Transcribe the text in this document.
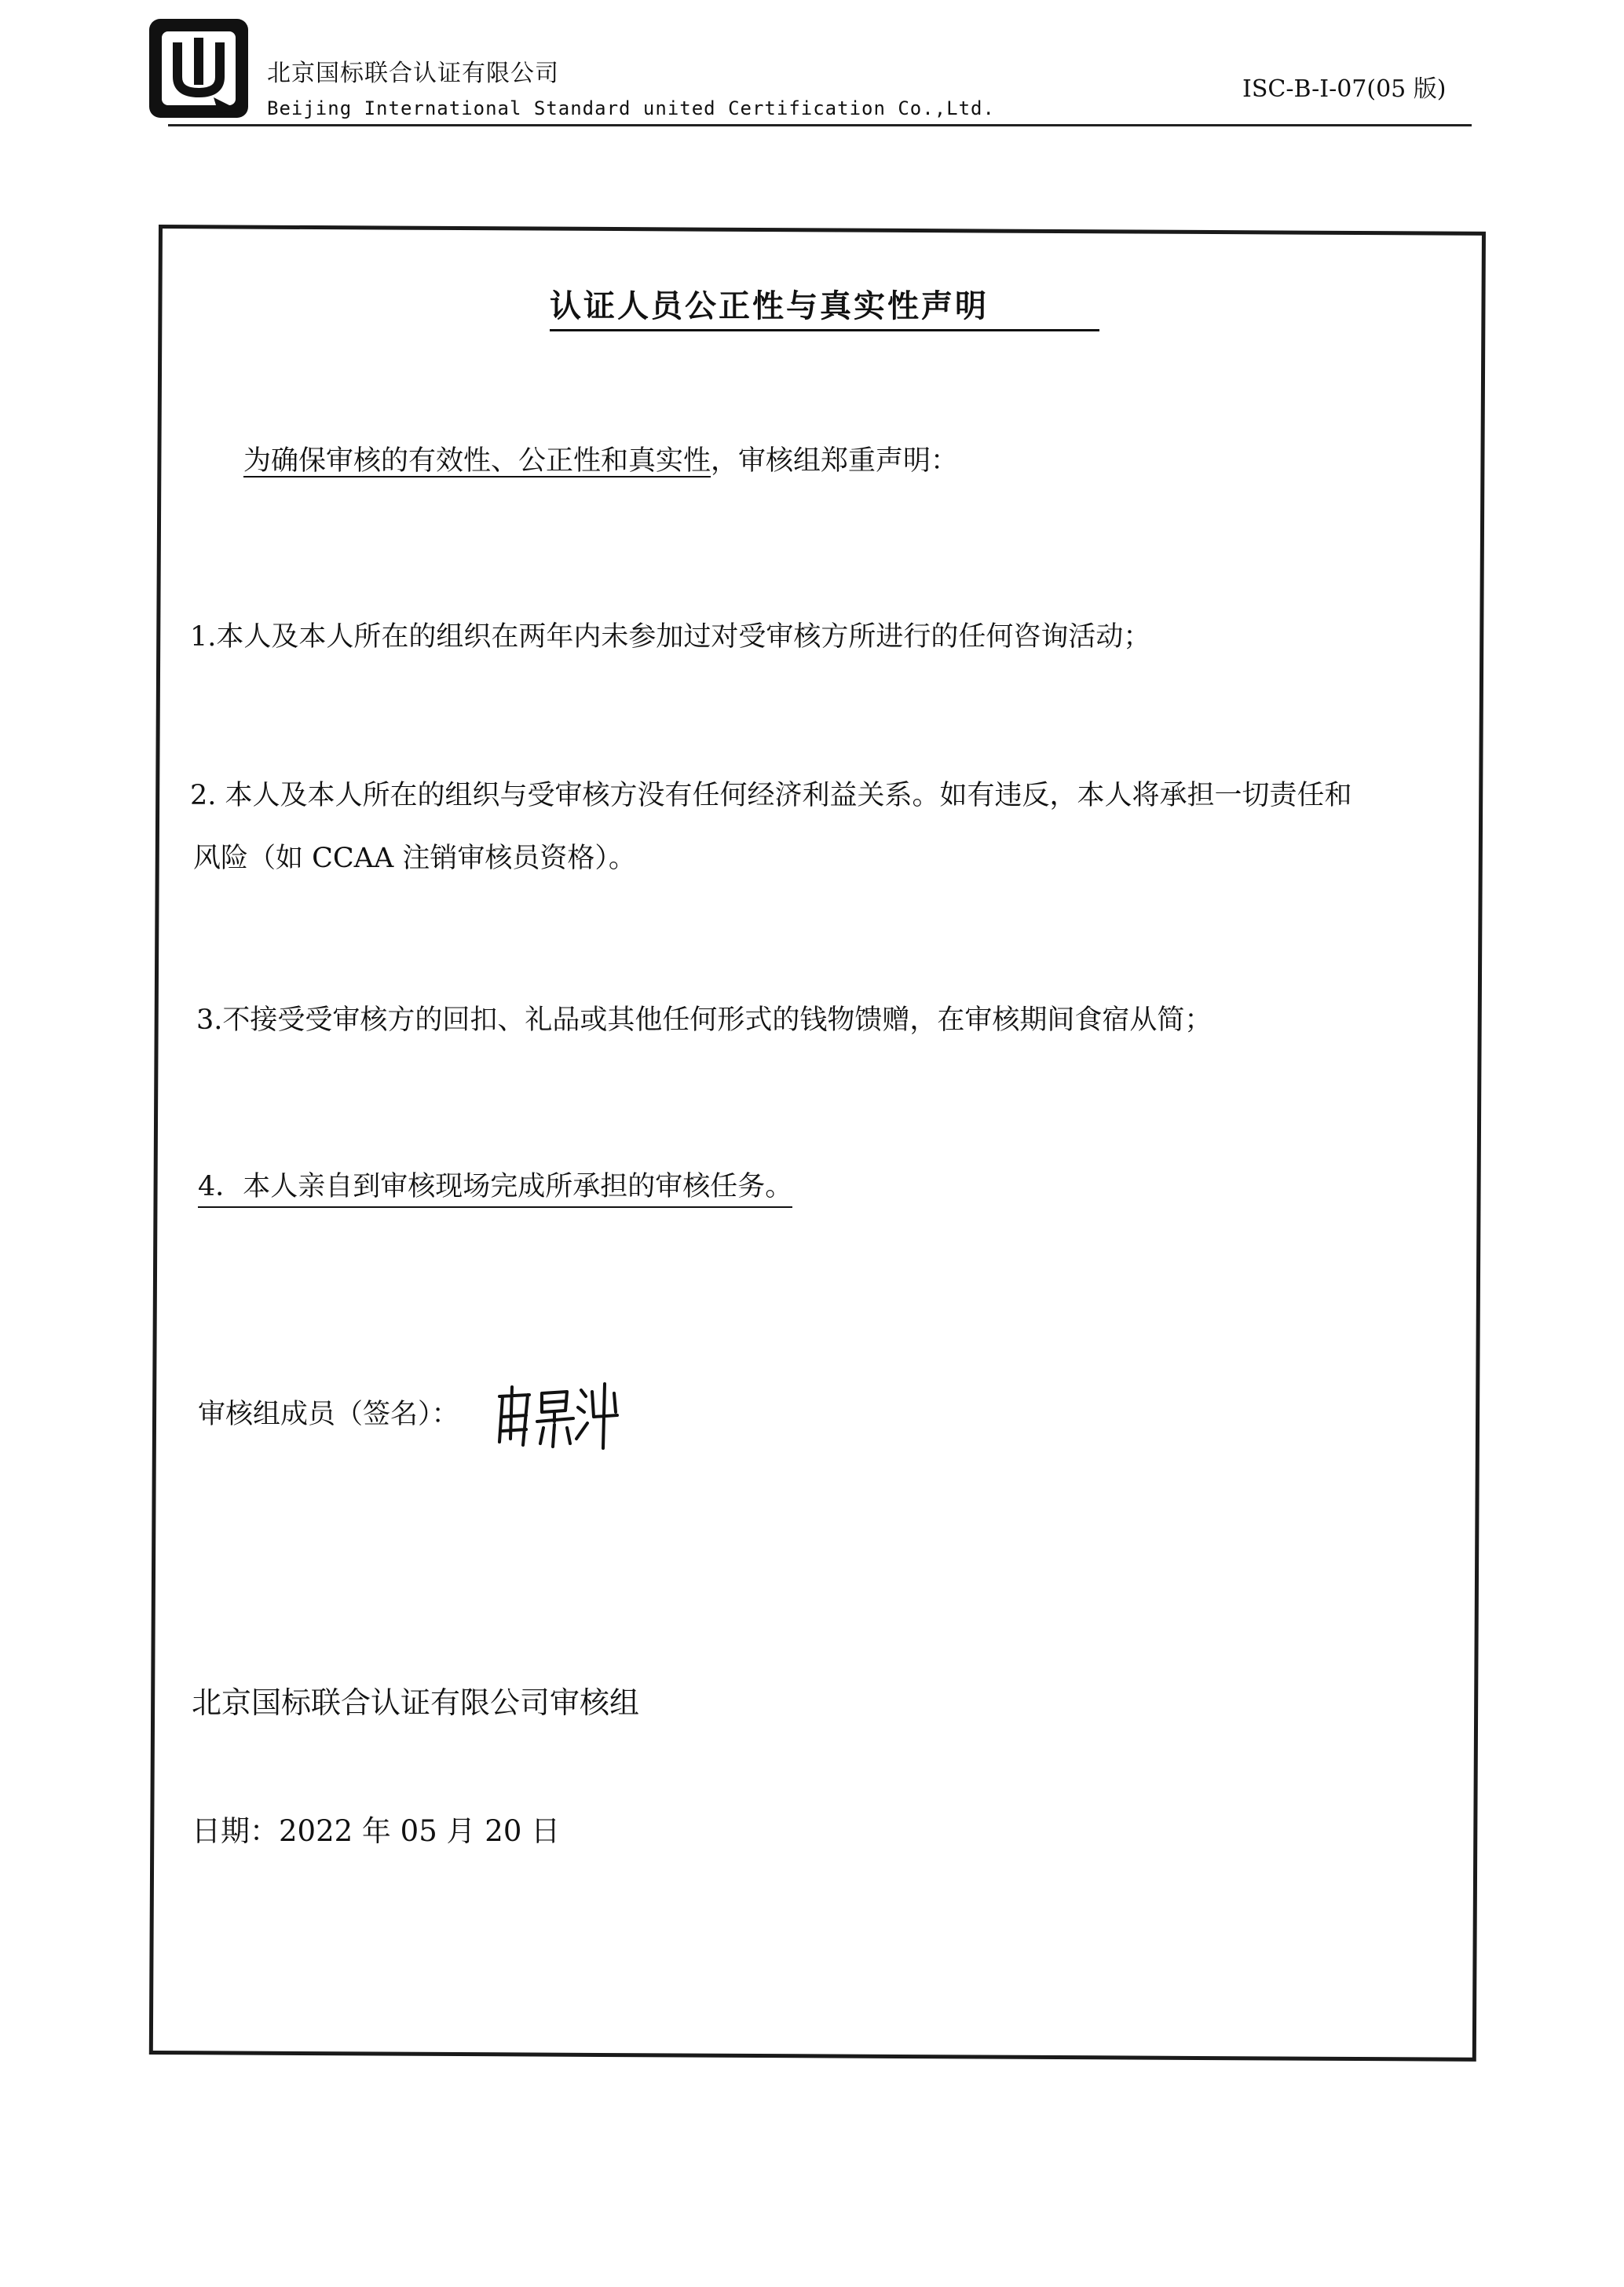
北京国标联合认证有限公司
Beijing International Standard united Certification Co.,Ltd.
ISC-B-I-07(05 版)
认证人员公正性与真实性声明
为确保审核的有效性、公正性和真实性，审核组郑重声明：
1.本人及本人所在的组织在两年内未参加过对受审核方所进行的任何咨询活动；
2. 本人及本人所在的组织与受审核方没有任何经济利益关系。如有违反，本人将承担一切责任和
风险（如 CCAA 注销审核员资格）。
3.不接受受审核方的回扣、礼品或其他任何形式的钱物馈赠，在审核期间食宿从简；
4．本人亲自到审核现场完成所承担的审核任务。
审核组成员（签名）：
北京国标联合认证有限公司审核组
日期：2022 年 05 月 20 日
